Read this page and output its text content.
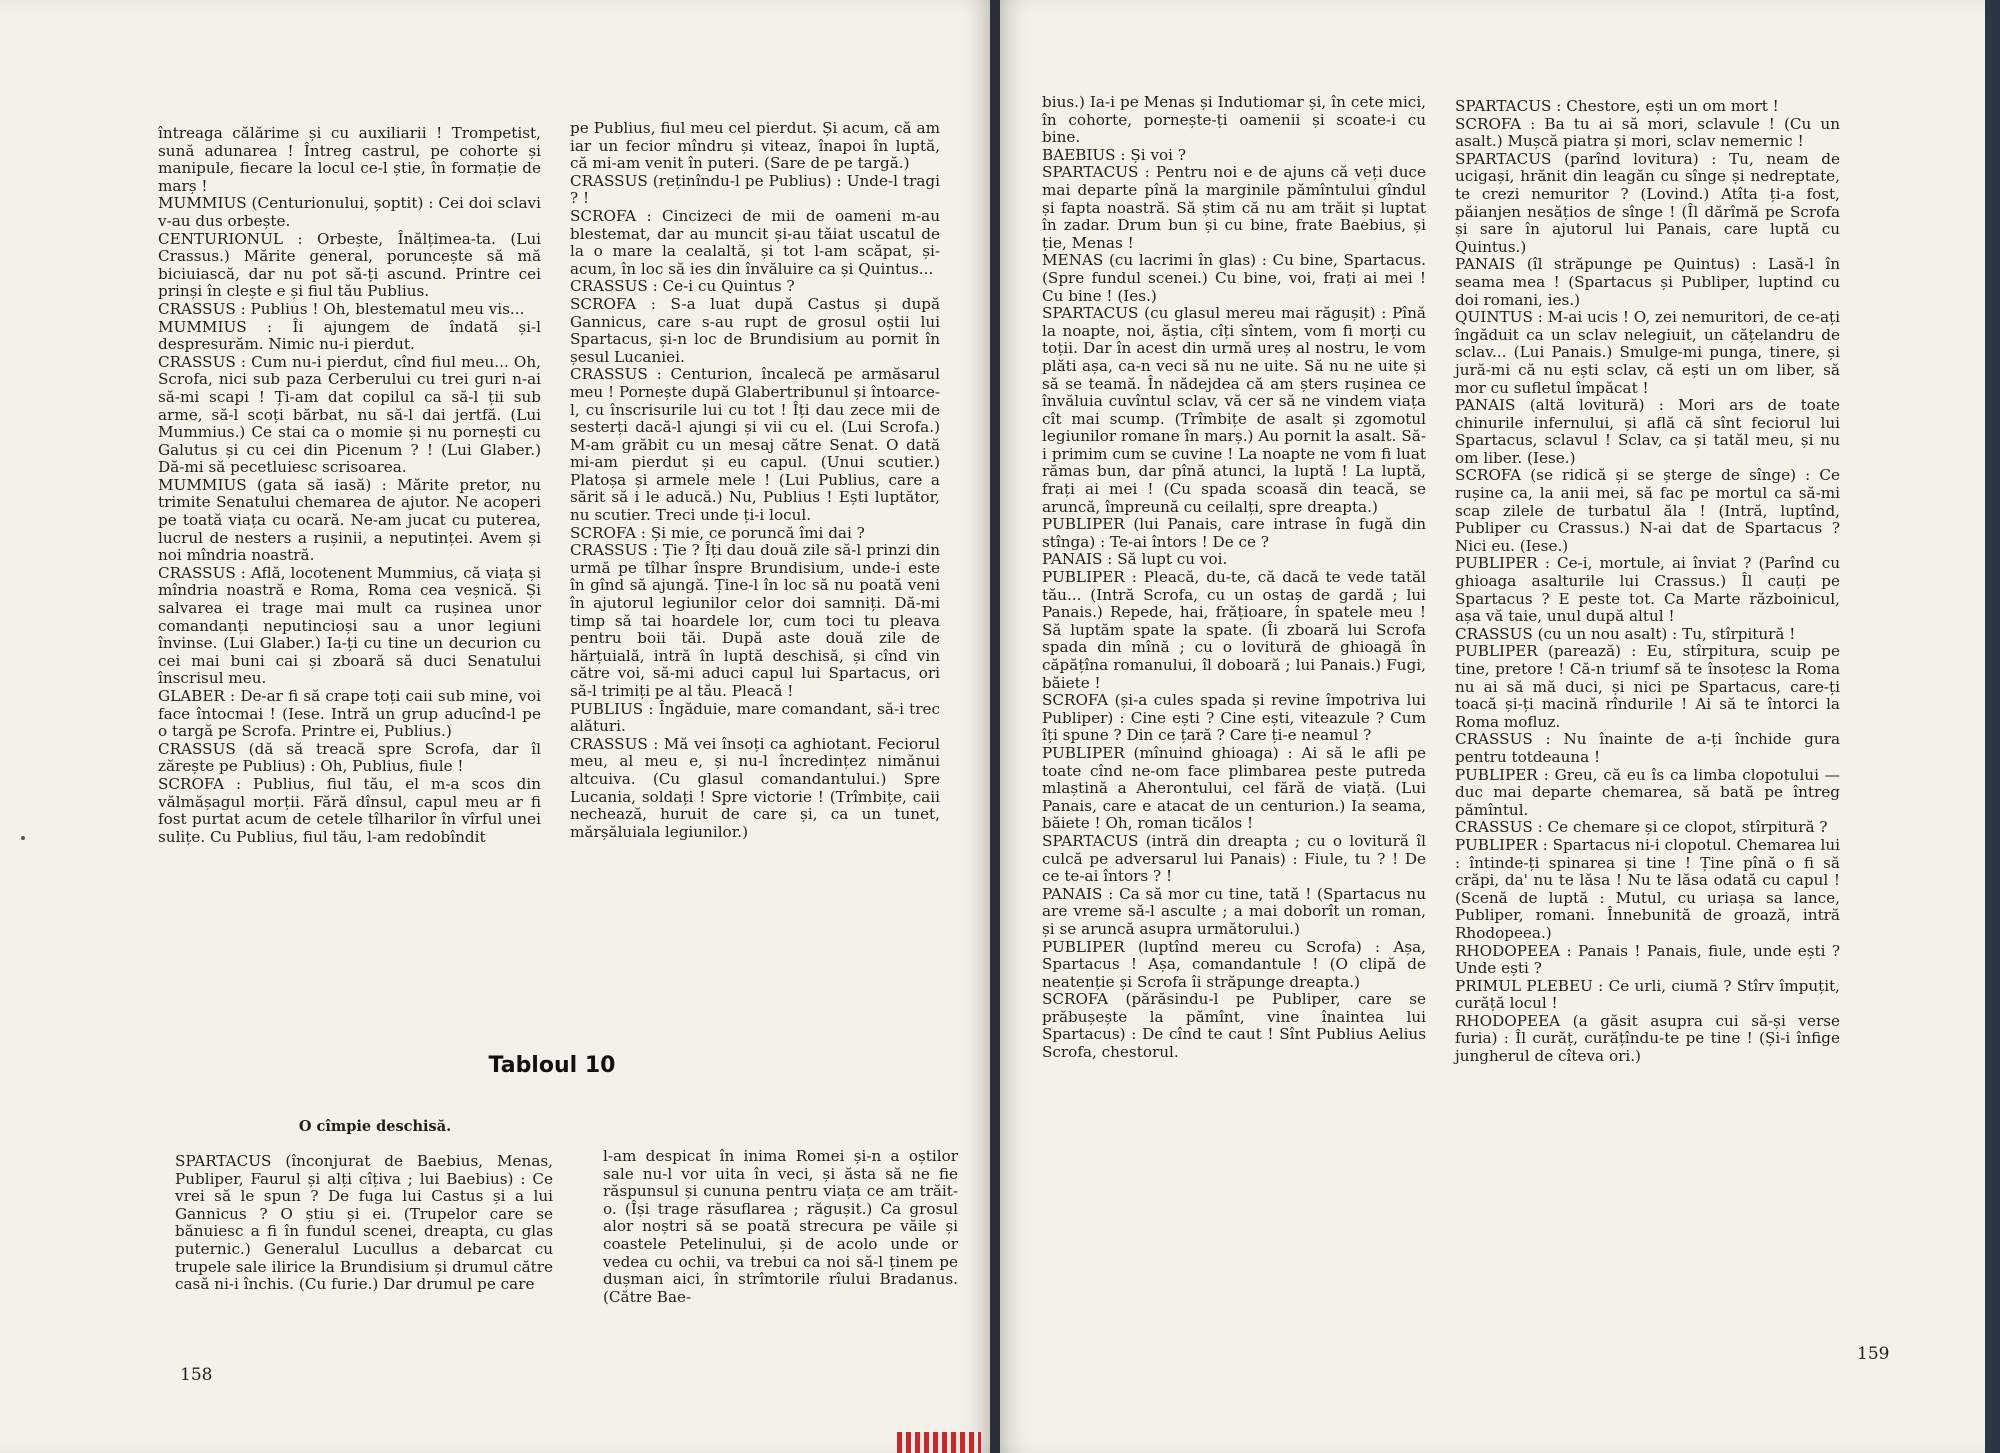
întreaga călărime și cu auxiliarii ! Trompetist, sună adunarea ! Întreg castrul, pe cohorte și manipule, fiecare la locul ce-l știe, în formație de marș !

MUMMIUS (Centurionului, șoptit) : Cei doi sclavi v-au dus orbește.

CENTURIONUL : Orbește, Înălțimea-ta. (Lui Crassus.) Mărite general, poruncește să mă biciuiască, dar nu pot să-ți ascund. Printre cei prinși în clește e și fiul tău Publius.

CRASSUS : Publius ! Oh, blestematul meu vis...

MUMMIUS : Îi ajungem de îndată și-l despresurăm. Nimic nu-i pierdut.

CRASSUS : Cum nu-i pierdut, cînd fiul meu... Oh, Scrofa, nici sub paza Cerberului cu trei guri n-ai să-mi scapi ! Ți-am dat copilul ca să-l ții sub arme, să-l scoți bărbat, nu să-l dai jertfă. (Lui Mummius.) Ce stai ca o momie și nu pornești cu Galutus și cu cei din Picenum ? ! (Lui Glaber.) Dă-mi să pecetluiesc scrisoarea.

MUMMIUS (gata să iasă) : Mărite pretor, nu trimite Senatului chemarea de ajutor. Ne acoperi pe toată viața cu ocară. Ne-am jucat cu puterea, lucrul de nesters a rușinii, a neputinței. Avem și noi mîndria noastră.

CRASSUS : Află, locotenent Mummius, că viața și mîndria noastră e Roma, Roma cea veșnică. Și salvarea ei trage mai mult ca rușinea unor comandanți neputincioși sau a unor legiuni învinse. (Lui Glaber.) Ia-ți cu tine un decurion cu cei mai buni cai și zboară să duci Senatului înscrisul meu.

GLABER : De-ar fi să crape toți caii sub mine, voi face întocmai ! (Iese. Intră un grup aducînd-l pe o targă pe Scrofa. Printre ei, Publius.)

CRASSUS (dă să treacă spre Scrofa, dar îl zărește pe Publius) : Oh, Publius, fiule !

SCROFA : Publius, fiul tău, el m-a scos din vălmășagul morții. Fără dînsul, capul meu ar fi fost purtat acum de cetele tîlharilor în vîrful unei sulițe. Cu Publius, fiul tău, l-am redobîndit

pe Publius, fiul meu cel pierdut. Și acum, că am iar un fecior mîndru și viteaz, înapoi în luptă, că mi-am venit în puteri. (Sare de pe targă.)

CRASSUS (reținîndu-l pe Publius) : Unde-l tragi ? !

SCROFA : Cincizeci de mii de oameni m-au blestemat, dar au muncit și-au tăiat uscatul de la o mare la cealaltă, și tot l-am scăpat, și-acum, în loc să ies din învăluire ca și Quintus...

CRASSUS : Ce-i cu Quintus ?

SCROFA : S-a luat după Castus și după Gannicus, care s-au rupt de grosul oștii lui Spartacus, și-n loc de Brundisium au pornit în șesul Lucaniei.

CRASSUS : Centurion, încalecă pe armăsarul meu ! Pornește după Glabertribunul și întoarce-l, cu înscrisurile lui cu tot ! Îți dau zece mii de sesterți dacă-l ajungi și vii cu el. (Lui Scrofa.) M-am grăbit cu un mesaj către Senat. O dată mi-am pierdut și eu capul. (Unui scutier.) Platoșa și armele mele ! (Lui Publius, care a sărit să i le aducă.) Nu, Publius ! Ești luptător, nu scutier. Treci unde ți-i locul.

SCROFA : Și mie, ce poruncă îmi dai ?

CRASSUS : Ție ? Îți dau două zile să-l prinzi din urmă pe tîlhar înspre Brundisium, unde-i este în gînd să ajungă. Ține-l în loc să nu poată veni în ajutorul legiunilor celor doi samniți. Dă-mi timp să tai hoardele lor, cum toci tu pleava pentru boii tăi. După aste două zile de hărțuială, intră în luptă deschisă, și cînd vin către voi, să-mi aduci capul lui Spartacus, ori să-l trimiți pe al tău. Pleacă !

PUBLIUS : Îngăduie, mare comandant, să-i trec alături.

CRASSUS : Mă vei însoți ca aghiotant. Feciorul meu, al meu e, și nu-l încredințez nimănui altcuiva. (Cu glasul comandantului.) Spre Lucania, soldați ! Spre victorie ! (Trîmbițe, caii nechează, huruit de care și, ca un tunet, mărșăluiala legiunilor.)

Tabloul 10
O cîmpie deschisă.

SPARTACUS (înconjurat de Baebius, Menas, Publiper, Faurul și alți cîțiva ; lui Baebius) : Ce vrei să le spun ? De fuga lui Castus și a lui Gannicus ? O știu și ei. (Trupelor care se bănuiesc a fi în fundul scenei, dreapta, cu glas puternic.) Generalul Lucullus a debarcat cu trupele sale ilirice la Brundisium și drumul către casă ni-i închis. (Cu furie.) Dar drumul pe care

l-am despicat în inima Romei și-n a oștilor sale nu-l vor uita în veci, și ăsta să ne fie răspunsul și cununa pentru viața ce am trăit-o. (Își trage răsuflarea ; răgușit.) Ca grosul alor noștri să se poată strecura pe văile și coastele Petelinului, și de acolo unde or vedea cu ochii, va trebui ca noi să-l ținem pe dușman aici, în strîmtorile rîului Bradanus. (Către Bae-

158

bius.) Ia-i pe Menas și Indutiomar și, în cete mici, în cohorte, pornește-ți oamenii și scoate-i cu bine.

BAEBIUS : Și voi ?

SPARTACUS : Pentru noi e de ajuns că veți duce mai departe pînă la marginile pămîntului gîndul și fapta noastră. Să știm că nu am trăit și luptat în zadar. Drum bun și cu bine, frate Baebius, și ție, Menas !

MENAS (cu lacrimi în glas) : Cu bine, Spartacus. (Spre fundul scenei.) Cu bine, voi, frați ai mei ! Cu bine ! (Ies.)

SPARTACUS (cu glasul mereu mai răgușit) : Pînă la noapte, noi, ăștia, cîți sîntem, vom fi morți cu toții. Dar în acest din urmă ureș al nostru, le vom plăti așa, ca-n veci să nu ne uite. Să nu ne uite și să se teamă. În nădejdea că am șters rușinea ce învăluia cuvîntul sclav, vă cer să ne vindem viața cît mai scump. (Trîmbițe de asalt și zgomotul legiunilor romane în marș.) Au pornit la asalt. Să-i primim cum se cuvine ! La noapte ne vom fi luat rămas bun, dar pînă atunci, la luptă ! La luptă, frați ai mei ! (Cu spada scoasă din teacă, se aruncă, împreună cu ceilalți, spre dreapta.)

PUBLIPER (lui Panais, care intrase în fugă din stînga) : Te-ai întors ! De ce ?

PANAIS : Să lupt cu voi.

PUBLIPER : Pleacă, du-te, că dacă te vede tatăl tău... (Intră Scrofa, cu un ostaș de gardă ; lui Panais.) Repede, hai, frățioare, în spatele meu ! Să luptăm spate la spate. (Îi zboară lui Scrofa spada din mînă ; cu o lovitură de ghioagă în căpățîna romanului, îl doboară ; lui Panais.) Fugi, băiete !

SCROFA (și-a cules spada și revine împotriva lui Publiper) : Cine ești ? Cine ești, viteazule ? Cum îți spune ? Din ce țară ? Care ți-e neamul ?

PUBLIPER (mînuind ghioaga) : Ai să le afli pe toate cînd ne-om face plimbarea peste putreda mlaștină a Aherontului, cel fără de viață. (Lui Panais, care e atacat de un centurion.) Ia seama, băiete ! Oh, roman ticălos !

SPARTACUS (intră din dreapta ; cu o lovitură îl culcă pe adversarul lui Panais) : Fiule, tu ? ! De ce te-ai întors ? !

PANAIS : Ca să mor cu tine, tată ! (Spartacus nu are vreme să-l asculte ; a mai doborît un roman, și se aruncă asupra următorului.)

PUBLIPER (luptînd mereu cu Scrofa) : Așa, Spartacus ! Așa, comandantule ! (O clipă de neatenție și Scrofa îi străpunge dreapta.)

SCROFA (părăsindu-l pe Publiper, care se prăbușește la pămînt, vine înaintea lui Spartacus) : De cînd te caut ! Sînt Publius Aelius Scrofa, chestorul.

SPARTACUS : Chestore, ești un om mort !

SCROFA : Ba tu ai să mori, sclavule ! (Cu un asalt.) Mușcă piatra și mori, sclav nemernic !

SPARTACUS (parînd lovitura) : Tu, neam de ucigași, hrănit din leagăn cu sînge și nedreptate, te crezi nemuritor ? (Lovind.) Atîta ți-a fost, păianjen nesățios de sînge ! (Îl dărîmă pe Scrofa și sare în ajutorul lui Panais, care luptă cu Quintus.)

PANAIS (îl străpunge pe Quintus) : Lasă-l în seama mea ! (Spartacus și Publiper, luptind cu doi romani, ies.)

QUINTUS : M-ai ucis ! O, zei nemuritori, de ce-ați îngăduit ca un sclav nelegiuit, un cățelandru de sclav... (Lui Panais.) Smulge-mi punga, tinere, și jură-mi că nu ești sclav, că ești un om liber, să mor cu sufletul împăcat !

PANAIS (altă lovitură) : Mori ars de toate chinurile infernului, și află că sînt feciorul lui Spartacus, sclavul ! Sclav, ca și tatăl meu, și nu om liber. (Iese.)

SCROFA (se ridică și se șterge de sînge) : Ce rușine ca, la anii mei, să fac pe mortul ca să-mi scap zilele de turbatul ăla ! (Intră, luptînd, Publiper cu Crassus.) N-ai dat de Spartacus ? Nici eu. (Iese.)

PUBLIPER : Ce-i, mortule, ai înviat ? (Parînd cu ghioaga asalturile lui Crassus.) Îl cauți pe Spartacus ? E peste tot. Ca Marte războinicul, așa vă taie, unul după altul !

CRASSUS (cu un nou asalt) : Tu, stîrpitură !

PUBLIPER (parează) : Eu, stîrpitura, scuip pe tine, pretore ! Că-n triumf să te însoțesc la Roma nu ai să mă duci, și nici pe Spartacus, care-ți toacă și-ți macină rîndurile ! Ai să te întorci la Roma mofluz.

CRASSUS : Nu înainte de a-ți închide gura pentru totdeauna !

PUBLIPER : Greu, că eu îs ca limba clopotului — duc mai departe chemarea, să bată pe întreg pămîntul.

CRASSUS : Ce chemare și ce clopot, stîrpitură ?

PUBLIPER : Spartacus ni-i clopotul. Chemarea lui : întinde-ți spinarea și tine ! Ține pînă o fi să crăpi, da' nu te lăsa ! Nu te lăsa odată cu capul ! (Scenă de luptă : Mutul, cu uriașa sa lance, Publiper, romani. Înnebunită de groază, intră Rhodopeea.)

RHODOPEEA : Panais ! Panais, fiule, unde ești ? Unde ești ?

PRIMUL PLEBEU : Ce urli, ciumă ? Stîrv împuțit, curăță locul !

RHODOPEEA (a găsit asupra cui să-și verse furia) : Îl curăț, curățîndu-te pe tine ! (Și-i înfige jungherul de cîteva ori.)

159
